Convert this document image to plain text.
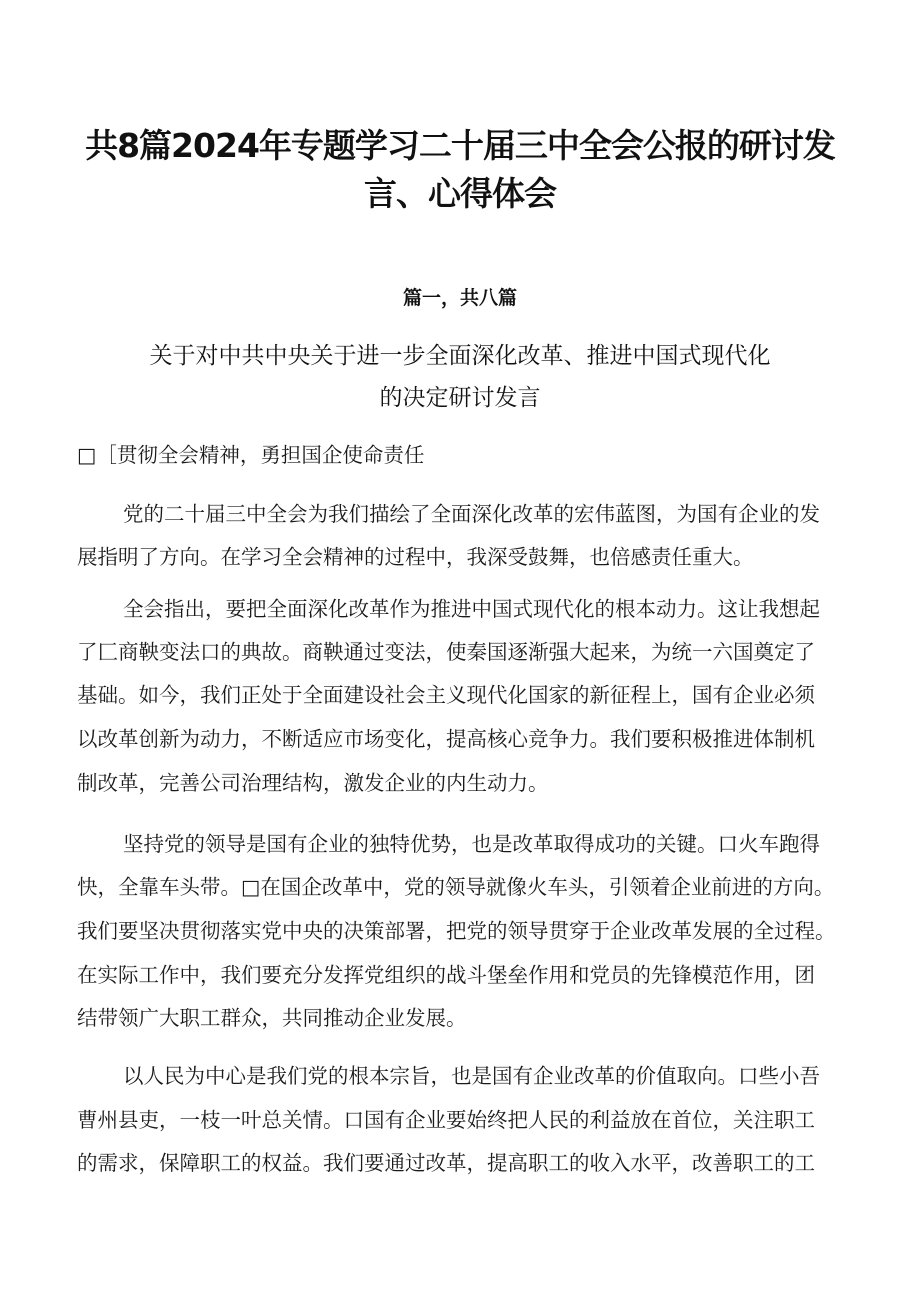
共8篇2024年专题学习二十届三中全会公报的研讨发
言、心得体会
篇一，共八篇
关于对中共中央关于进一步全面深化改革、推进中国式现代化
的决定研讨发言
□［贯彻全会精神，勇担国企使命责任
党的二十届三中全会为我们描绘了全面深化改革的宏伟蓝图，为国有企业的发
展指明了方向。在学习全会精神的过程中，我深受鼓舞，也倍感责任重大。
全会指出，要把全面深化改革作为推进中国式现代化的根本动力。这让我想起
了匚商鞅变法口的典故。商鞅通过变法，使秦国逐渐强大起来，为统一六国奠定了
基础。如今，我们正处于全面建设社会主义现代化国家的新征程上，国有企业必须
以改革创新为动力，不断适应市场变化，提高核心竞争力。我们要积极推进体制机
制改革，完善公司治理结构，激发企业的内生动力。
坚持党的领导是国有企业的独特优势，也是改革取得成功的关键。口火车跑得
快，全靠车头带。□在国企改革中，党的领导就像火车头，引领着企业前进的方向。
我们要坚决贯彻落实党中央的决策部署，把党的领导贯穿于企业改革发展的全过程。
在实际工作中，我们要充分发挥党组织的战斗堡垒作用和党员的先锋模范作用，团
结带领广大职工群众，共同推动企业发展。
以人民为中心是我们党的根本宗旨，也是国有企业改革的价值取向。口些小吾
曹州县吏，一枝一叶总关情。口国有企业要始终把人民的利益放在首位，关注职工
的需求，保障职工的权益。我们要通过改革，提高职工的收入水平，改善职工的工
